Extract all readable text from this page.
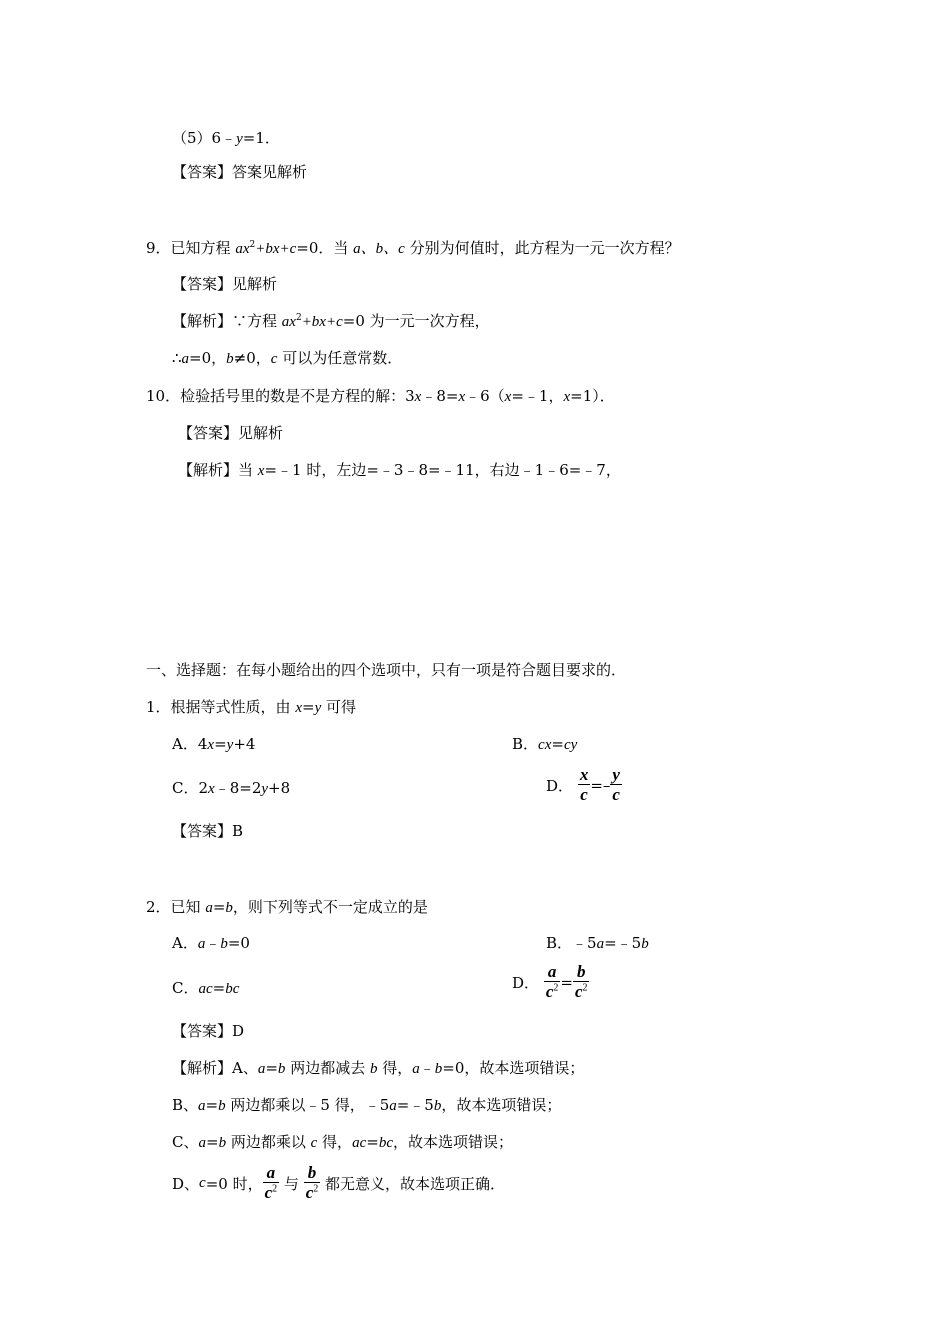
（5）6﹣y=1．
【答案】答案见解析
9．已知方程 $ax^2+bx+c=0$．当 a、b、c 分别为何值时，此方程为一元一次方程？
【答案】见解析
【解析】∵方程 $ax^2+bx+c=0$ 为一元一次方程，
∴a=0，b≠0，c 可以为任意常数．
10．检验括号里的数是不是方程的解：3x﹣8=x﹣6（x=﹣1，x=1）．
【答案】见解析
【解析】当 x=﹣1 时，左边=﹣3﹣8=﹣11，右边﹣1﹣6=﹣7，
一、选择题：在每小题给出的四个选项中，只有一项是符合题目要求的．
1．根据等式性质，由 x=y 可得
A．4x=y+4	B．cx=cy
C．2x﹣8=2y+8	D． $\frac{x}{c} =- \frac{y}{c}$
【答案】B
2．已知 a=b，则下列等式不一定成立的是
A．a﹣b=0	B．﹣5a=﹣5b
C．ac=bc	D． $\frac{a}{c^2} = \frac{b}{c^2}$
【答案】D
【解析】A、a=b 两边都减去 b 得，a﹣b=0，故本选项错误；
B、a=b 两边都乘以﹣5 得，﹣5a=﹣5b，故本选项错误；
C、a=b 两边都乘以 c 得，ac=bc，故本选项错误；
D、c=0 时， $\frac{a}{c^2}$ 与 $\frac{b}{c^2}$ 都无意义，故本选项正确．
